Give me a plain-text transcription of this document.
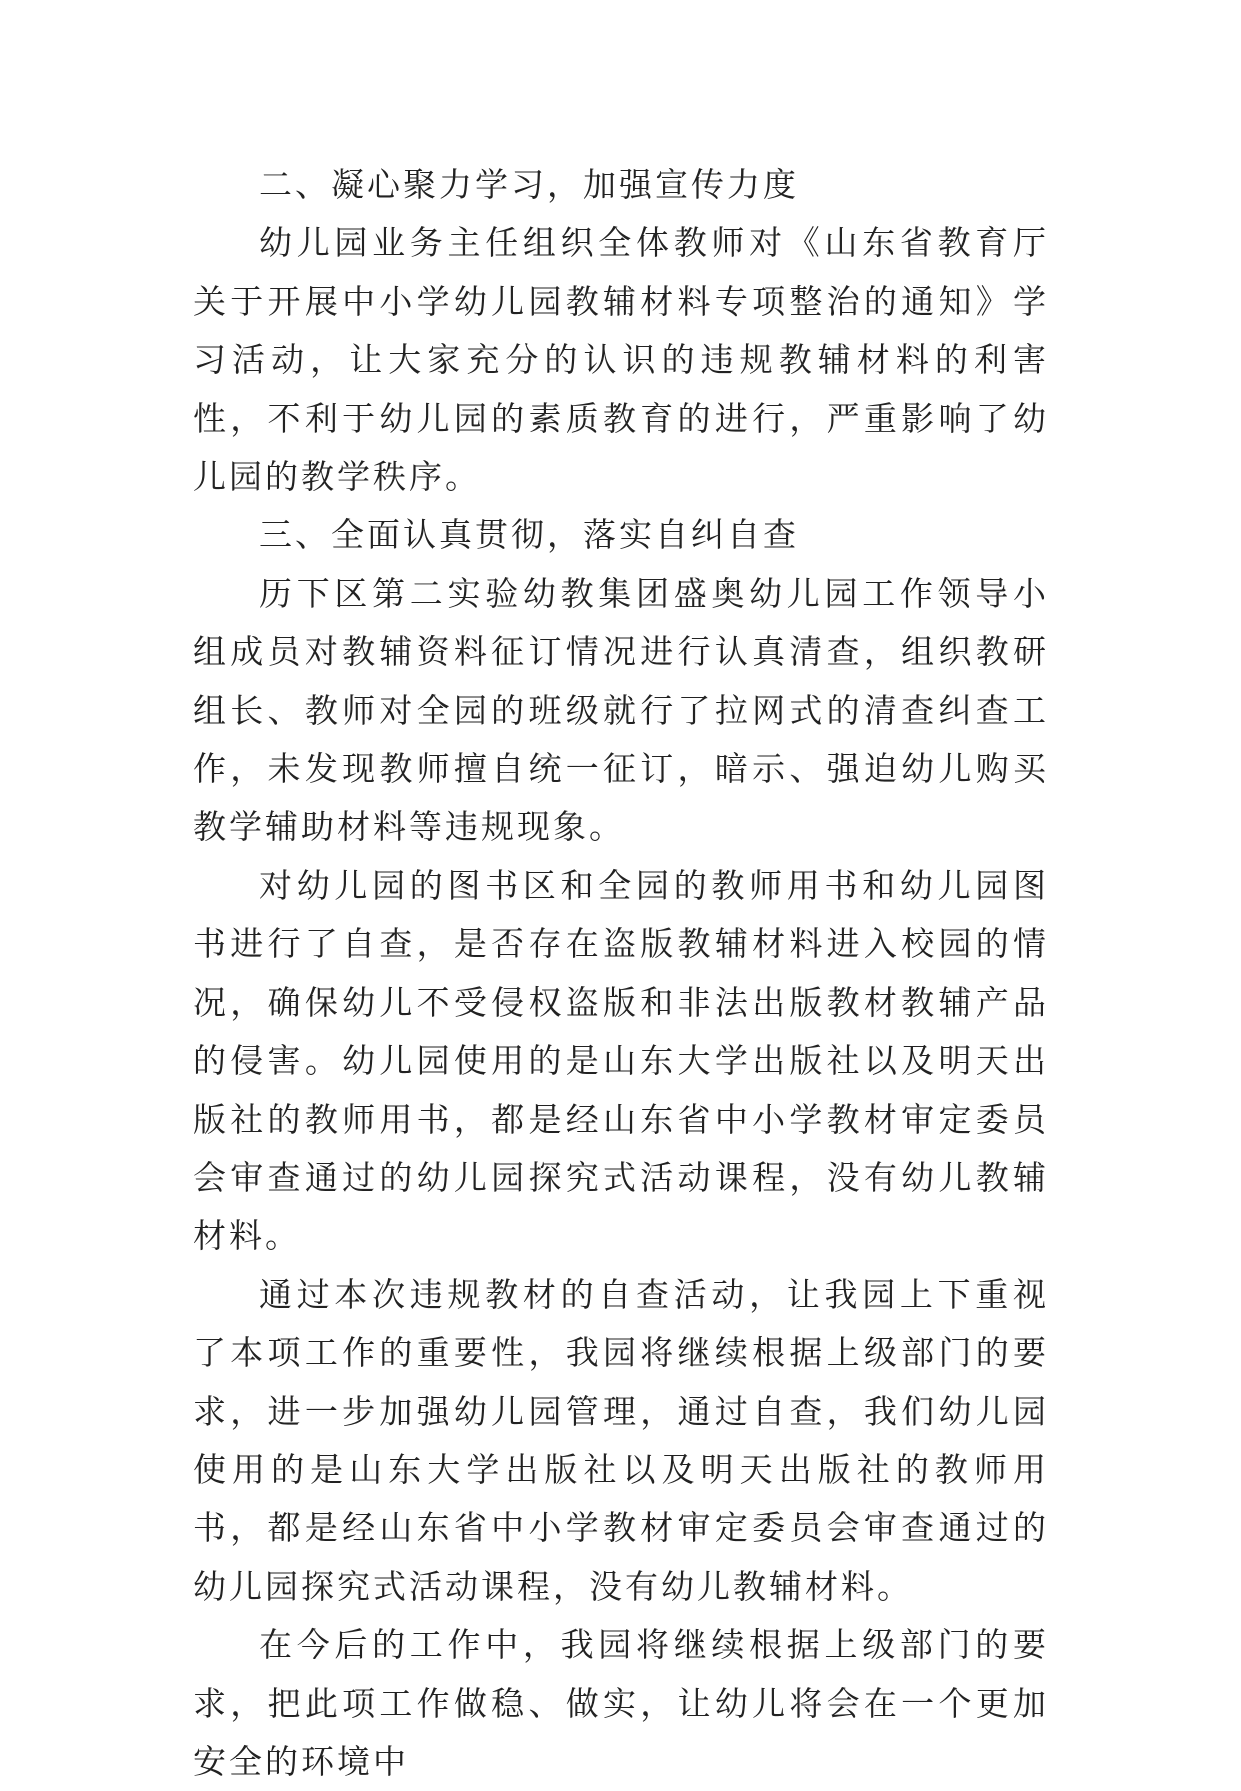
二、凝心聚力学习，加强宣传力度

幼儿园业务主任组织全体教师对《山东省教育厅关于开展中小学幼儿园教辅材料专项整治的通知》学习活动，让大家充分的认识的违规教辅材料的利害性，不利于幼儿园的素质教育的进行，严重影响了幼儿园的教学秩序。

三、全面认真贯彻，落实自纠自查

历下区第二实验幼教集团盛奥幼儿园工作领导小组成员对教辅资料征订情况进行认真清查，组织教研组长、教师对全园的班级就行了拉网式的清查纠查工作，未发现教师擅自统一征订，暗示、强迫幼儿购买教学辅助材料等违规现象。

对幼儿园的图书区和全园的教师用书和幼儿园图书进行了自查，是否存在盗版教辅材料进入校园的情况，确保幼儿不受侵权盗版和非法出版教材教辅产品的侵害。幼儿园使用的是山东大学出版社以及明天出版社的教师用书，都是经山东省中小学教材审定委员会审查通过的幼儿园探究式活动课程，没有幼儿教辅材料。

通过本次违规教材的自查活动，让我园上下重视了本项工作的重要性，我园将继续根据上级部门的要求，进一步加强幼儿园管理，通过自查，我们幼儿园使用的是山东大学出版社以及明天出版社的教师用书，都是经山东省中小学教材审定委员会审查通过的幼儿园探究式活动课程，没有幼儿教辅材料。

在今后的工作中，我园将继续根据上级部门的要求，把此项工作做稳、做实，让幼儿将会在一个更加安全的环境中
